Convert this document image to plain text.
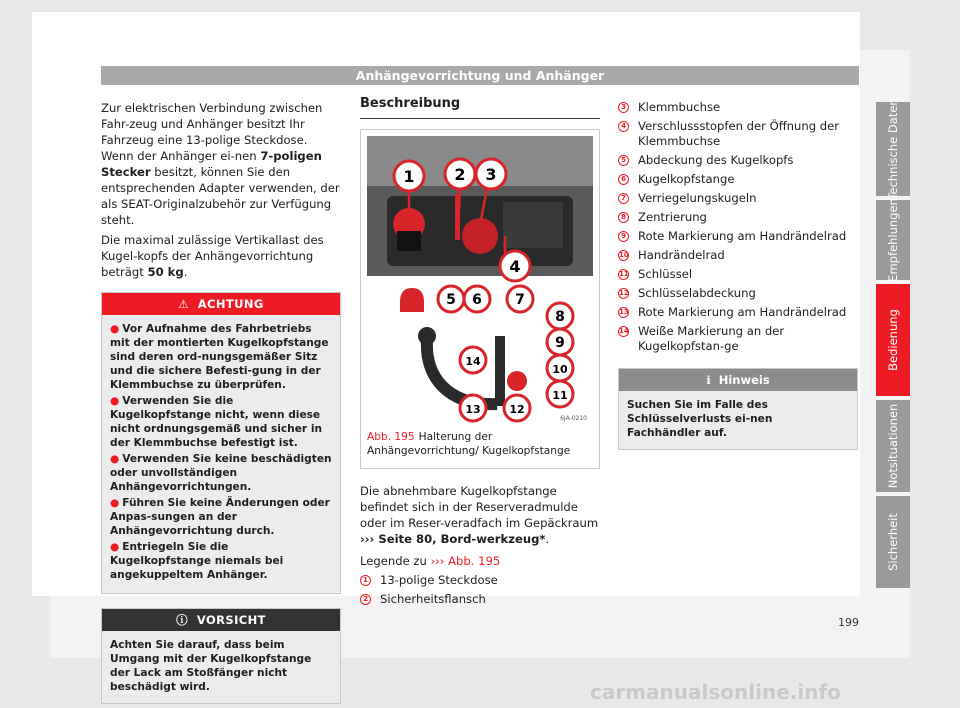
Anhängevorrichtung und Anhänger

Zur elektrischen Verbindung zwischen Fahr-zeug und Anhänger besitzt Ihr Fahrzeug eine 13-polige Steckdose. Wenn der Anhänger ei-nen 7-poligen Stecker besitzt, können Sie den entsprechenden Adapter verwenden, der als SEAT-Originalzubehör zur Verfügung steht.

Die maximal zulässige Vertikallast des Kugel-kopfs der Anhängevorrichtung beträgt 50 kg.

⚠ ACHTUNG
● Vor Aufnahme des Fahrbetriebs mit der montierten Kugelkopfstange sind deren ord-nungsgemäßer Sitz und die sichere Befesti-gung in der Klemmbuchse zu überprüfen.
● Verwenden Sie die Kugelkopfstange nicht, wenn diese nicht ordnungsgemäß und sicher in der Klemmbuchse befestigt ist.
● Verwenden Sie keine beschädigten oder unvollständigen Anhängevorrichtungen.
● Führen Sie keine Änderungen oder Anpas-sungen an der Anhängevorrichtung durch.
● Entriegeln Sie die Kugelkopfstange niemals bei angekuppeltem Anhänger.
ⓘ VORSICHT
Achten Sie darauf, dass beim Umgang mit der Kugelkopfstange der Lack am Stoßfänger nicht beschädigt wird.
Beschreibung
1 2 3
4
5 6 7
8
9
10
11
12
13
14
6JA-0210
Abb. 195 Halterung der Anhängevorrichtung/ Kugelkopfstange

Die abnehmbare Kugelkopfstange befindet sich in der Reserveradmulde oder im Reser-veradfach im Gepäckraum ››› Seite 80, Bord-werkzeug*.

Legende zu ››› Abb. 195

1 13-polige Steckdose
2 Sicherheitsflansch
3 Klemmbuchse
4 Verschlussstopfen der Öffnung der Klemmbuchse
5 Abdeckung des Kugelkopfs
6 Kugelkopfstange
7 Verriegelungskugeln
8 Zentrierung
9 Rote Markierung am Handrändelrad
10 Handrändelrad
11 Schlüssel
12 Schlüsselabdeckung
13 Rote Markierung am Handrändelrad
14 Weiße Markierung an der Kugelkopfstan-ge
ℹ Hinweis
Suchen Sie im Falle des Schlüsselverlusts ei-nen Fachhändler auf.
Technische Daten
Empfehlungen
Bedienung
Notsituationen
Sicherheit
199
carmanualsonline.info
